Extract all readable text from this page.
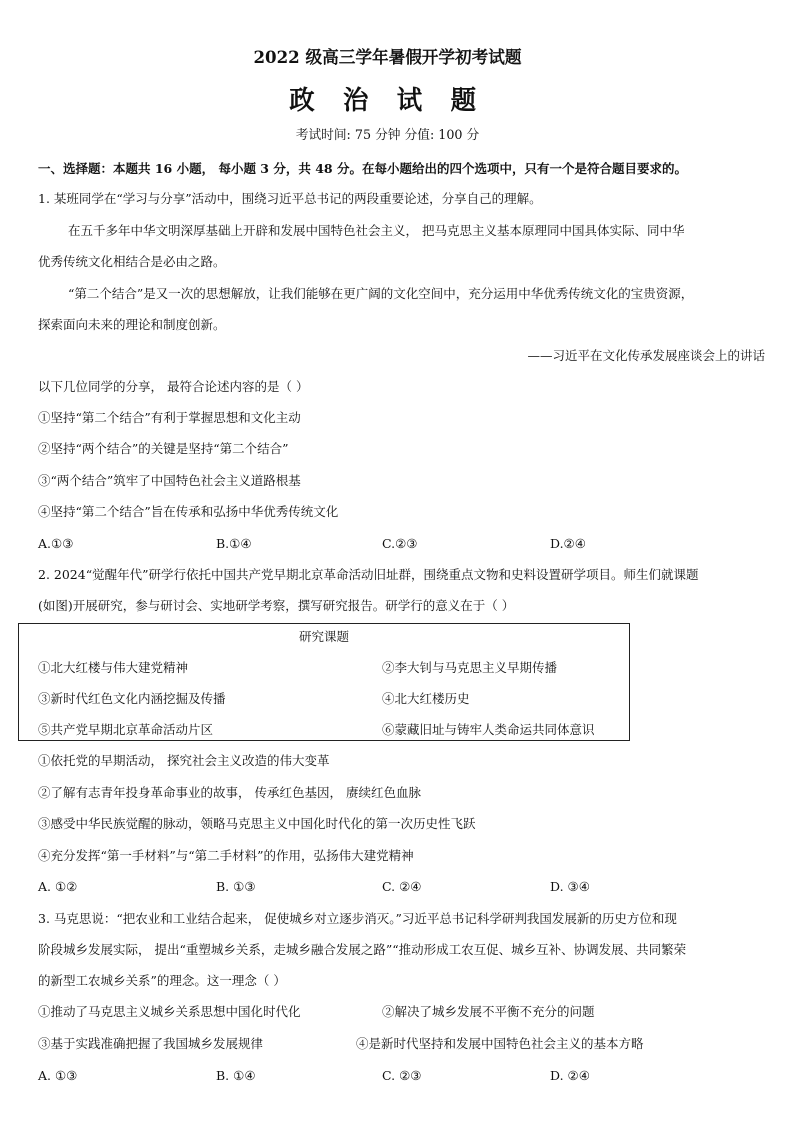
2022 级高三学年暑假开学初考试题
政 治 试 题
考试时间: 75 分钟 分值: 100 分
一、选择题：本题共 16 小题， 每小题 3 分，共 48 分。在每小题给出的四个选项中，只有一个是符合题目要求的。
1. 某班同学在“学习与分享”活动中，围绕习近平总书记的两段重要论述，分享自己的理解。
在五千多年中华文明深厚基础上开辟和发展中国特色社会主义， 把马克思主义基本原理同中国具体实际、同中华
优秀传统文化相结合是必由之路。
“第二个结合”是又一次的思想解放，让我们能够在更广阔的文化空间中，充分运用中华优秀传统文化的宝贵资源，
探索面向未来的理论和制度创新。
——习近平在文化传承发展座谈会上的讲话
以下几位同学的分享， 最符合论述内容的是（ ）
①坚持“第二个结合”有利于掌握思想和文化主动
②坚持“两个结合”的关键是坚持“第二个结合”
③“两个结合”筑牢了中国特色社会主义道路根基
④坚持“第二个结合”旨在传承和弘扬中华优秀传统文化
A.①③	B.①④	C.②③	D.②④
2. 2024“觉醒年代”研学行依托中国共产党早期北京革命活动旧址群，围绕重点文物和史料设置研学项目。师生们就课题
(如图)开展研究，参与研讨会、实地研学考察，撰写研究报告。研学行的意义在于（ ）
研究课题
①北大红楼与伟大建党精神	②李大钊与马克思主义早期传播
③新时代红色文化内涵挖掘及传播	④北大红楼历史
⑤共产党早期北京革命活动片区	⑥蒙藏旧址与铸牢人类命运共同体意识
①依托党的早期活动， 探究社会主义改造的伟大变革
②了解有志青年投身革命事业的故事， 传承红色基因， 赓续红色血脉
③感受中华民族觉醒的脉动，领略马克思主义中国化时代化的第一次历史性飞跃
④充分发挥“第一手材料”与“第二手材料”的作用，弘扬伟大建党精神
A. ①②	B. ①③	C. ②④	D. ③④
3. 马克思说：“把农业和工业结合起来， 促使城乡对立逐步消灭。”习近平总书记科学研判我国发展新的历史方位和现
阶段城乡发展实际， 提出“重塑城乡关系，走城乡融合发展之路”“推动形成工农互促、城乡互补、协调发展、共同繁荣
的新型工农城乡关系”的理念。这一理念（ ）
①推动了马克思主义城乡关系思想中国化时代化	②解决了城乡发展不平衡不充分的问题
③基于实践准确把握了我国城乡发展规律	④是新时代坚持和发展中国特色社会主义的基本方略
A. ①③	B. ①④	C. ②③	D. ②④
